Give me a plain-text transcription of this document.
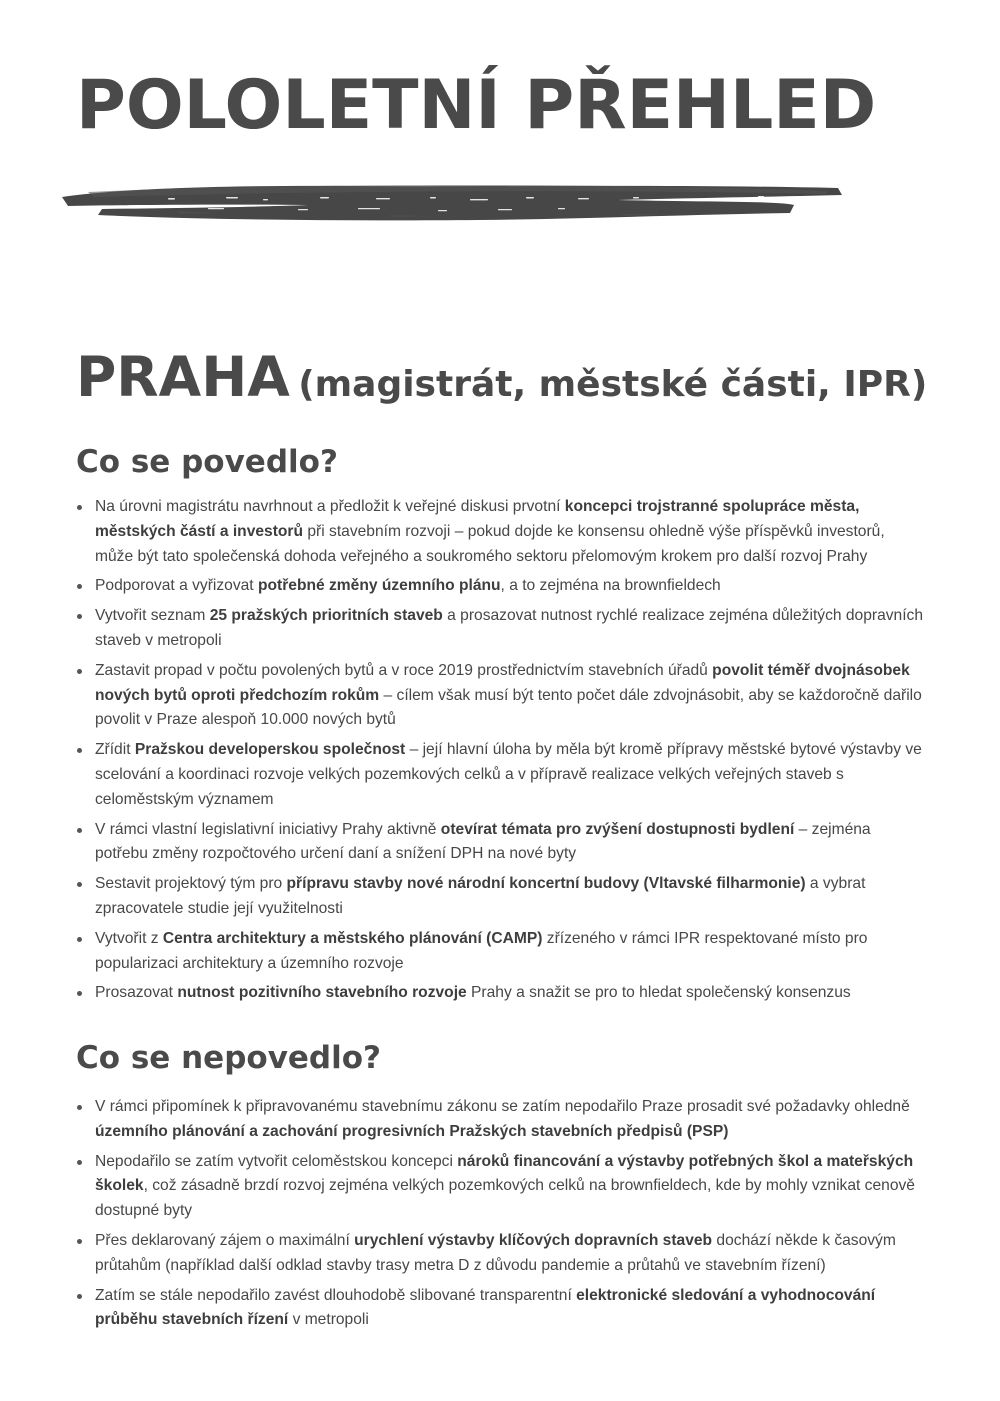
POLOLETNÍ PŘEHLED
PRAHA (magistrát, městské části, IPR)
Co se povedlo?
Na úrovni magistrátu navrhnout a předložit k veřejné diskusi prvotní koncepci trojstranné spolupráce města, městských částí a investorů při stavebním rozvoji – pokud dojde ke konsensu ohledně výše příspěvků investorů, může být tato společenská dohoda veřejného a soukromého sektoru přelomovým krokem pro další rozvoj Prahy
Podporovat a vyřizovat potřebné změny územního plánu, a to zejména na brownfieldech
Vytvořit seznam 25 pražských prioritních staveb a prosazovat nutnost rychlé realizace zejména důležitých dopravních staveb v metropoli
Zastavit propad v počtu povolených bytů a v roce 2019 prostřednictvím stavebních úřadů povolit téměř dvojnásobek nových bytů oproti předchozím rokům – cílem však musí být tento počet dále zdvojnásobit, aby se každoročně dařilo povolit v Praze alespoň 10.000 nových bytů
Zřídit Pražskou developerskou společnost – její hlavní úloha by měla být kromě přípravy městské bytové výstavby ve scelování a koordinaci rozvoje velkých pozemkových celků a v přípravě realizace velkých veřejných staveb s celoměstským významem
V rámci vlastní legislativní iniciativy Prahy aktivně otevírat témata pro zvýšení dostupnosti bydlení – zejména potřebu změny rozpočtového určení daní a snížení DPH na nové byty
Sestavit projektový tým pro přípravu stavby nové národní koncertní budovy (Vltavské filharmonie) a vybrat zpracovatele studie její využitelnosti
Vytvořit z Centra architektury a městského plánování (CAMP) zřízeného v rámci IPR respektované místo pro popularizaci architektury a územního rozvoje
Prosazovat nutnost pozitivního stavebního rozvoje Prahy a snažit se pro to hledat společenský konsenzus
Co se nepovedlo?
V rámci připomínek k připravovanému stavebnímu zákonu se zatím nepodařilo Praze prosadit své požadavky ohledně územního plánování a zachování progresivních Pražských stavebních předpisů (PSP)
Nepodařilo se zatím vytvořit celoměstskou koncepci nároků financování a výstavby potřebných škol a mateřských školek, což zásadně brzdí rozvoj zejména velkých pozemkových celků na brownfieldech, kde by mohly vznikat cenově dostupné byty
Přes deklarovaný zájem o maximální urychlení výstavby klíčových dopravních staveb dochází někde k časovým průtahům (například další odklad stavby trasy metra D z důvodu pandemie a průtahů ve stavebním řízení)
Zatím se stále nepodařilo zavést dlouhodobě slibované transparentní elektronické sledování a vyhodnocování průběhu stavebních řízení v metropoli
